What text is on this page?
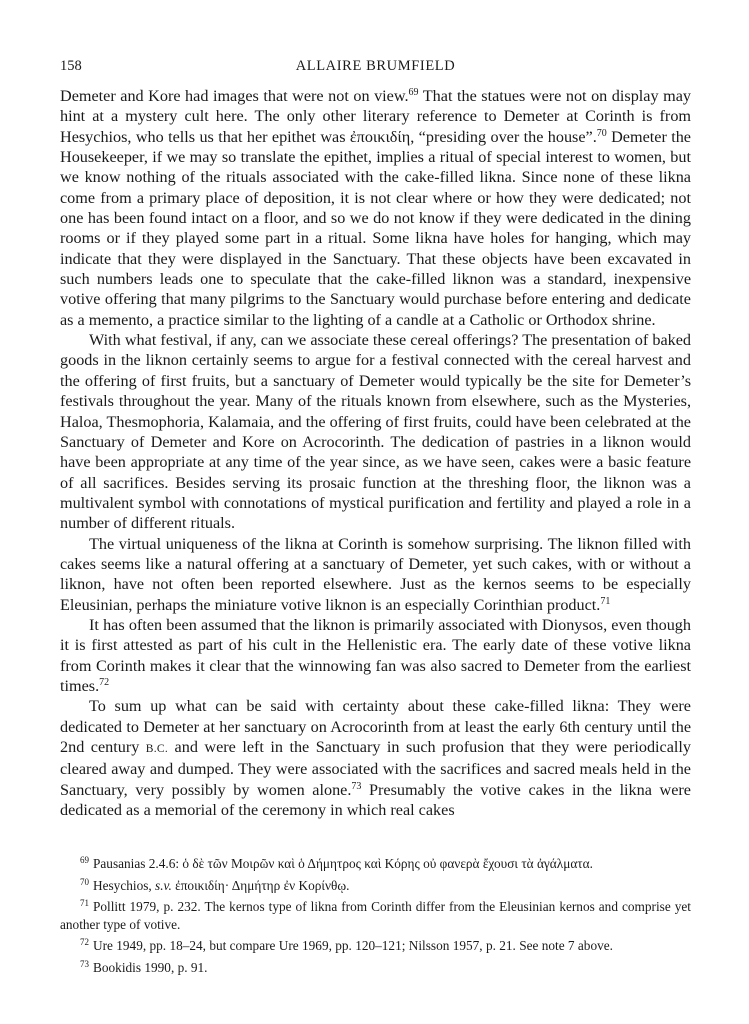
158	ALLAIRE BRUMFIELD

Demeter and Kore had images that were not on view.$^{69}$ That the statues were not on display may hint at a mystery cult here. The only other literary reference to Demeter at Corinth is from Hesychios, who tells us that her epithet was ἐποικιδίη, “presiding over the house”.$^{70}$ Demeter the Housekeeper, if we may so translate the epithet, implies a ritual of special interest to women, but we know nothing of the rituals associated with the cake-filled likna. Since none of these likna come from a primary place of deposition, it is not clear where or how they were dedicated; not one has been found intact on a floor, and so we do not know if they were dedicated in the dining rooms or if they played some part in a ritual. Some likna have holes for hanging, which may indicate that they were displayed in the Sanctuary. That these objects have been excavated in such numbers leads one to speculate that the cake-filled liknon was a standard, inexpensive votive offering that many pilgrims to the Sanctuary would purchase before entering and dedicate as a memento, a practice similar to the lighting of a candle at a Catholic or Orthodox shrine.

With what festival, if any, can we associate these cereal offerings? The presentation of baked goods in the liknon certainly seems to argue for a festival connected with the cereal harvest and the offering of first fruits, but a sanctuary of Demeter would typically be the site for Demeter’s festivals throughout the year. Many of the rituals known from elsewhere, such as the Mysteries, Haloa, Thesmophoria, Kalamaia, and the offering of first fruits, could have been celebrated at the Sanctuary of Demeter and Kore on Acrocorinth. The dedication of pastries in a liknon would have been appropriate at any time of the year since, as we have seen, cakes were a basic feature of all sacrifices. Besides serving its prosaic function at the threshing floor, the liknon was a multivalent symbol with connotations of mystical purification and fertility and played a role in a number of different rituals.

The virtual uniqueness of the likna at Corinth is somehow surprising. The liknon filled with cakes seems like a natural offering at a sanctuary of Demeter, yet such cakes, with or without a liknon, have not often been reported elsewhere. Just as the kernos seems to be especially Eleusinian, perhaps the miniature votive liknon is an especially Corinthian product.$^{71}$

It has often been assumed that the liknon is primarily associated with Dionysos, even though it is first attested as part of his cult in the Hellenistic era. The early date of these votive likna from Corinth makes it clear that the winnowing fan was also sacred to Demeter from the earliest times.$^{72}$

To sum up what can be said with certainty about these cake-filled likna: They were dedicated to Demeter at her sanctuary on Acrocorinth from at least the early 6th century until the 2nd century B.C. and were left in the Sanctuary in such profusion that they were periodically cleared away and dumped. They were associated with the sacrifices and sacred meals held in the Sanctuary, very possibly by women alone.$^{73}$ Presumably the votive cakes in the likna were dedicated as a memorial of the ceremony in which real cakes

$^{69}$ Pausanias 2.4.6: ὁ δὲ τῶν Μοιρῶν καὶ ὁ Δήμητρος καὶ Κόρης οὐ φανερὰ ἔχουσι τὰ ἀγάλματα.

$^{70}$ Hesychios, s.v. ἐποικιδίη· Δημήτηρ ἐν Κορίνθῳ.

$^{71}$ Pollitt 1979, p. 232. The kernos type of likna from Corinth differ from the Eleusinian kernos and comprise yet another type of votive.

$^{72}$ Ure 1949, pp. 18–24, but compare Ure 1969, pp. 120–121; Nilsson 1957, p. 21. See note 7 above.

$^{73}$ Bookidis 1990, p. 91.
